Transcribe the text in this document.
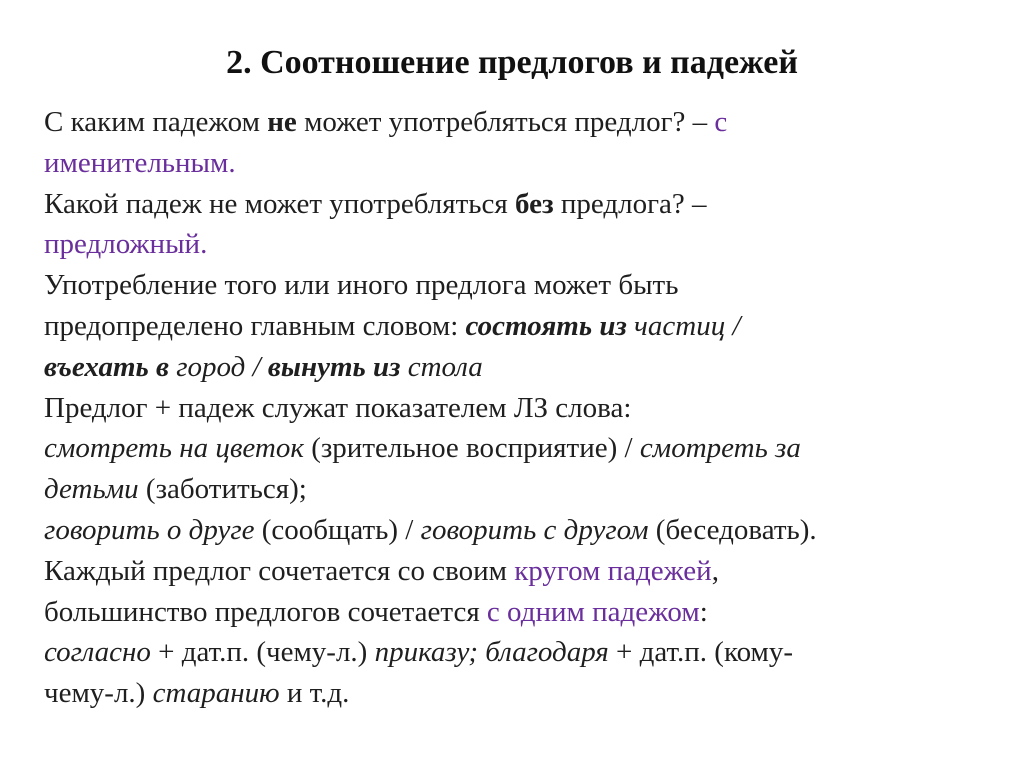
2. Соотношение предлогов и падежей
С каким падежом не может употребляться предлог? – с
именительным.
Какой падеж не может употребляться без предлога? –
предложный.
Употребление того или иного предлога может быть
предопределено главным словом: состоять из частиц /
въехать в город / вынуть из стола
Предлог + падеж служат показателем ЛЗ слова:
смотреть на цветок (зрительное восприятие) / смотреть за
детьми (заботиться);
говорить о друге (сообщать) / говорить с другом (беседовать).
Каждый предлог сочетается со своим кругом падежей,
большинство предлогов сочетается с одним падежом:
согласно + дат.п. (чему-л.) приказу; благодаря + дат.п. (кому-
чему-л.) старанию и т.д.
